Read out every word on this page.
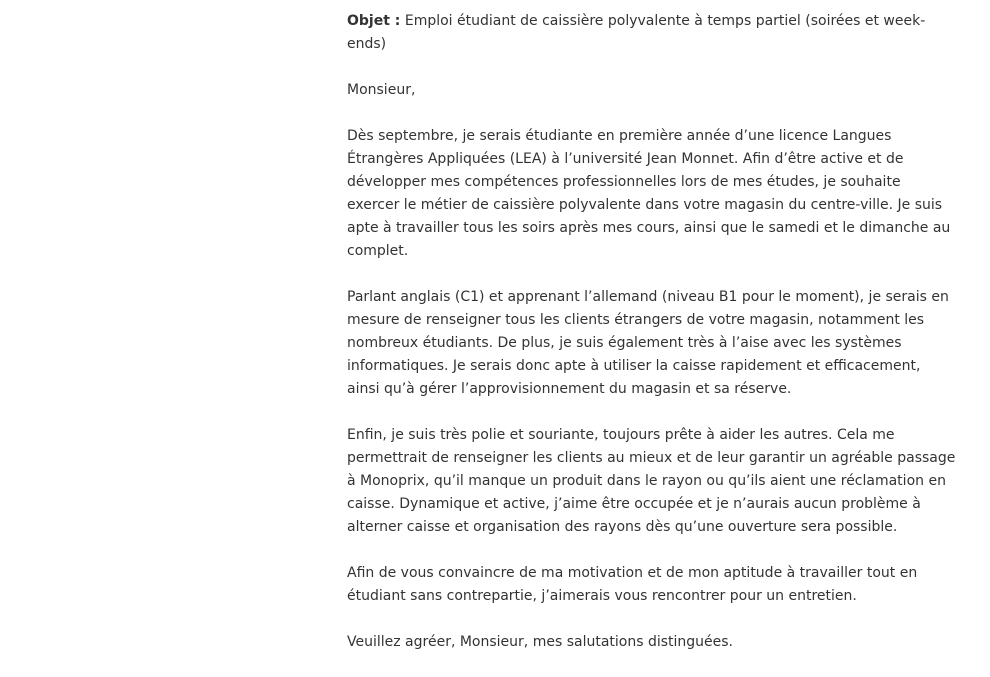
Objet : Emploi étudiant de caissière polyvalente à temps partiel (soirées et week-ends)

Monsieur,

Dès septembre, je serais étudiante en première année d’une licence Langues Étrangères Appliquées (LEA) à l’université Jean Monnet. Afin d’être active et de développer mes compétences professionnelles lors de mes études, je souhaite exercer le métier de caissière polyvalente dans votre magasin du centre-ville. Je suis apte à travailler tous les soirs après mes cours, ainsi que le samedi et le dimanche au complet.

Parlant anglais (C1) et apprenant l’allemand (niveau B1 pour le moment), je serais en mesure de renseigner tous les clients étrangers de votre magasin, notamment les nombreux étudiants. De plus, je suis également très à l’aise avec les systèmes informatiques. Je serais donc apte à utiliser la caisse rapidement et efficacement, ainsi qu’à gérer l’approvisionnement du magasin et sa réserve.

Enfin, je suis très polie et souriante, toujours prête à aider les autres. Cela me permettrait de renseigner les clients au mieux et de leur garantir un agréable passage à Monoprix, qu’il manque un produit dans le rayon ou qu’ils aient une réclamation en caisse. Dynamique et active, j’aime être occupée et je n’aurais aucun problème à alterner caisse et organisation des rayons dès qu’une ouverture sera possible.

Afin de vous convaincre de ma motivation et de mon aptitude à travailler tout en étudiant sans contrepartie, j’aimerais vous rencontrer pour un entretien.

Veuillez agréer, Monsieur, mes salutations distinguées.
